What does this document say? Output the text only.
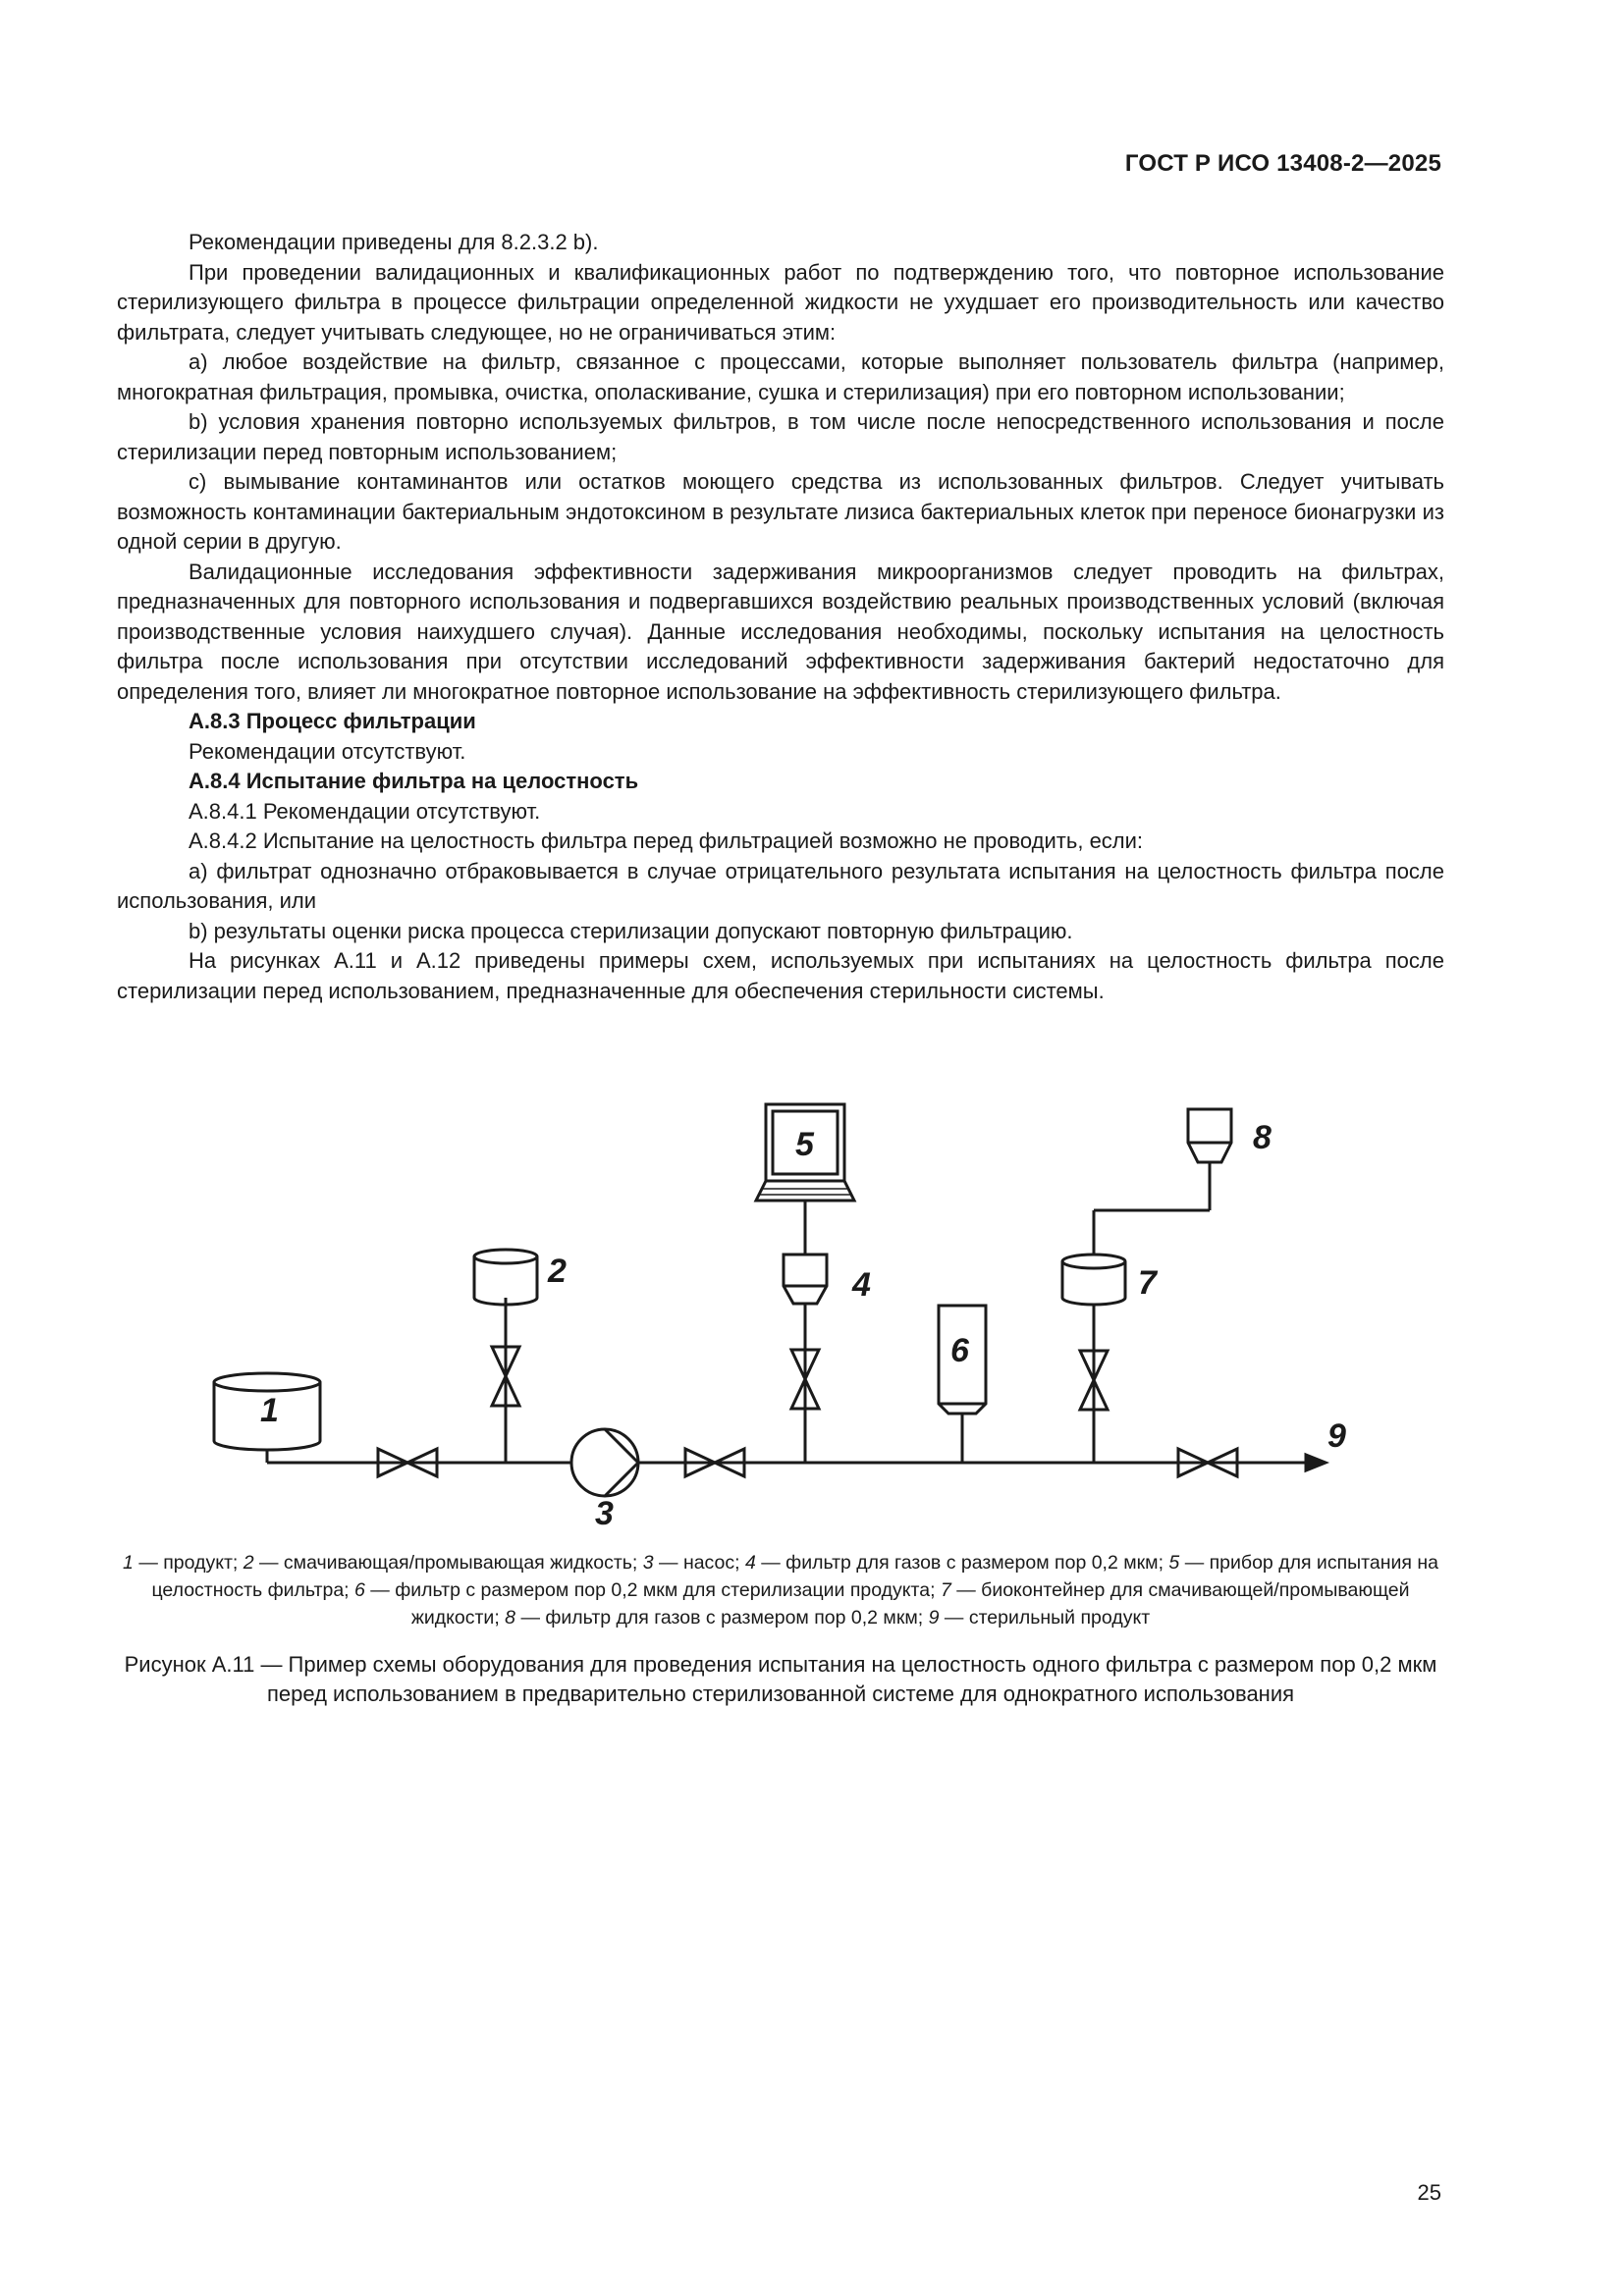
ГОСТ Р ИСО 13408-2—2025

Рекомендации приведены для 8.2.3.2 b).

При проведении валидационных и квалификационных работ по подтверждению того, что повторное использование стерилизующего фильтра в процессе фильтрации определенной жидкости не ухудшает его производительность или качество фильтрата, следует учитывать следующее, но не ограничиваться этим:

a) любое воздействие на фильтр, связанное с процессами, которые выполняет пользователь фильтра (например, многократная фильтрация, промывка, очистка, ополаскивание, сушка и стерилизация) при его повторном использовании;

b) условия хранения повторно используемых фильтров, в том числе после непосредственного использования и после стерилизации перед повторным использованием;

c) вымывание контаминантов или остатков моющего средства из использованных фильтров. Следует учитывать возможность контаминации бактериальным эндотоксином в результате лизиса бактериальных клеток при переносе бионагрузки из одной серии в другую.

Валидационные исследования эффективности задерживания микроорганизмов следует проводить на фильтрах, предназначенных для повторного использования и подвергавшихся воздействию реальных производственных условий (включая производственные условия наихудшего случая). Данные исследования необходимы, поскольку испытания на целостность фильтра после использования при отсутствии исследований эффективности задерживания бактерий недостаточно для определения того, влияет ли многократное повторное использование на эффективность стерилизующего фильтра.

A.8.3 Процесс фильтрации

Рекомендации отсутствуют.

A.8.4 Испытание фильтра на целостность

A.8.4.1 Рекомендации отсутствуют.

A.8.4.2 Испытание на целостность фильтра перед фильтрацией возможно не проводить, если:

a) фильтрат однозначно отбраковывается в случае отрицательного результата испытания на целостность фильтра после использования, или

b) результаты оценки риска процесса стерилизации допускают повторную фильтрацию.

На рисунках A.11 и A.12 приведены примеры схем, используемых при испытаниях на целостность фильтра после стерилизации перед использованием, предназначенные для обеспечения стерильности системы.

1
2
3
4
5
6
7
8
9
1 — продукт; 2 — смачивающая/промывающая жидкость; 3 — насос; 4 — фильтр для газов с размером пор 0,2 мкм; 5 — прибор для испытания на целостность фильтра; 6 — фильтр с размером пор 0,2 мкм для стерилизации продукта; 7 — биоконтейнер для смачивающей/промывающей жидкости; 8 — фильтр для газов с размером пор 0,2 мкм; 9 — стерильный продукт
Рисунок A.11 — Пример схемы оборудования для проведения испытания на целостность одного фильтра с размером пор 0,2 мкм перед использованием в предварительно стерилизованной системе для однократного использования
25
